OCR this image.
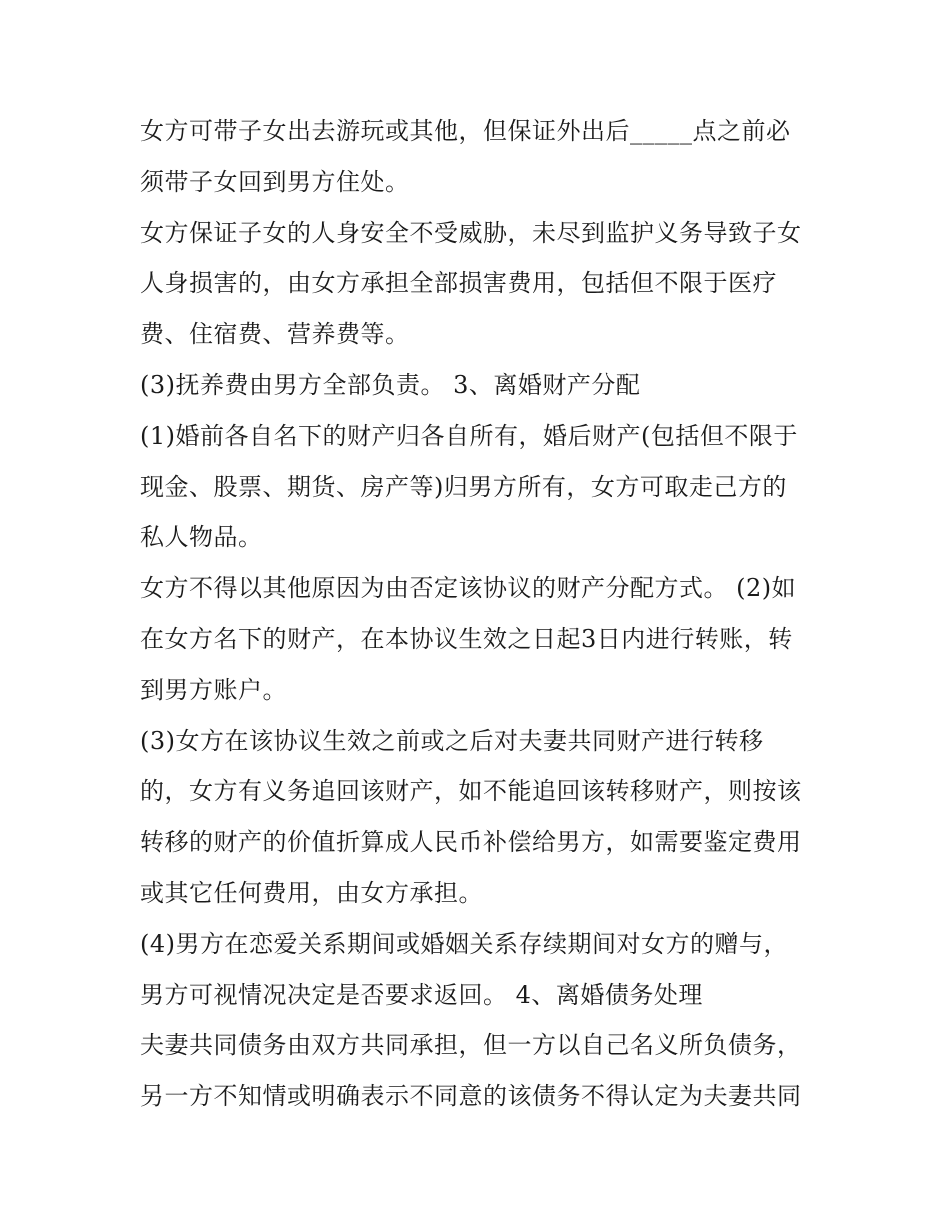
女方可带子女出去游玩或其他，但保证外出后_____点之前必

须带子女回到男方住处。

女方保证子女的人身安全不受威胁，未尽到监护义务导致子女

人身损害的，由女方承担全部损害费用，包括但不限于医疗

费、住宿费、营养费等。

(3)抚养费由男方全部负责。 3、离婚财产分配

(1)婚前各自名下的财产归各自所有，婚后财产(包括但不限于

现金、股票、期货、房产等)归男方所有，女方可取走己方的

私人物品。

女方不得以其他原因为由否定该协议的财产分配方式。 (2)如

在女方名下的财产，在本协议生效之日起3日内进行转账，转

到男方账户。

(3)女方在该协议生效之前或之后对夫妻共同财产进行转移

的，女方有义务追回该财产，如不能追回该转移财产，则按该

转移的财产的价值折算成人民币补偿给男方，如需要鉴定费用

或其它任何费用，由女方承担。

(4)男方在恋爱关系期间或婚姻关系存续期间对女方的赠与，

男方可视情况决定是否要求返回。 4、离婚债务处理

夫妻共同债务由双方共同承担，但一方以自己名义所负债务，

另一方不知情或明确表示不同意的该债务不得认定为夫妻共同
